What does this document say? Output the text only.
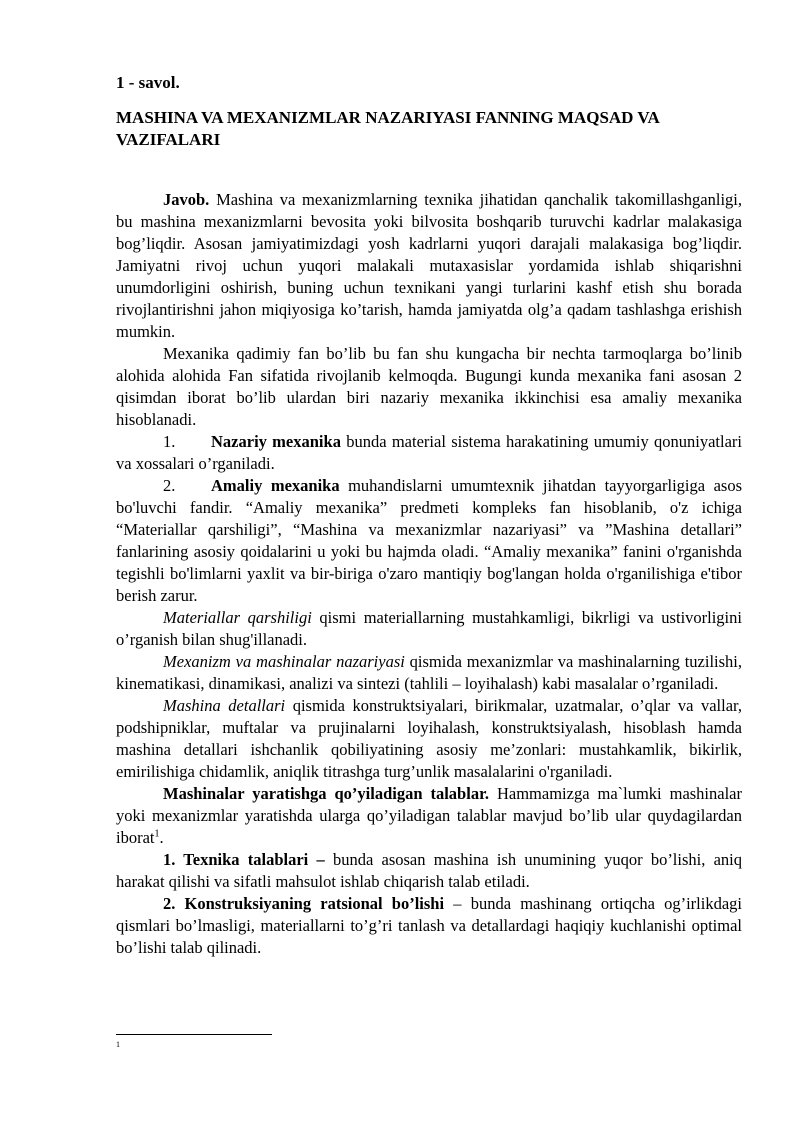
1 - savol.
MASHINA VA MEXANIZMLAR NAZARIYASI FANNING MAQSAD VA VAZIFALARI

Javob. Mashina va mexanizmlarning texnika jihatidan qanchalik takomillashganligi, bu mashina mexanizmlarni bevosita yoki bilvosita boshqarib turuvchi kadrlar malakasiga bog’liqdir. Asosan jamiyatimizdagi yosh kadrlarni yuqori darajali malakasiga bog’liqdir. Jamiyatni rivoj uchun yuqori malakali mutaxasislar yordamida ishlab shiqarishni unumdorligini oshirish, buning uchun texnikani yangi turlarini kashf etish shu borada rivojlantirishni jahon miqiyosiga ko’tarish, hamda jamiyatda olg’a qadam tashlashga erishish mumkin.

Mexanika qadimiy fan bo’lib bu fan shu kungacha bir nechta tarmoqlarga bo’linib alohida alohida Fan sifatida rivojlanib kelmoqda. Bugungi kunda mexanika fani asosan 2 qisimdan iborat bo’lib ulardan biri nazariy mexanika ikkinchisi esa amaliy mexanika hisoblanadi.

1. Nazariy mexanika bunda material sistema harakatining umumiy qonuniyatlari va xossalari o’rganiladi.

2. Amaliy mexanika muhandislarni umumtexnik jihatdan tayyorgarligiga asos bo'luvchi fandir. “Amaliy mexanika” predmeti kompleks fan hisoblanib, o'z ichiga “Materiallar qarshiligi”, “Mashina va mexanizmlar nazariyasi” va ”Mashina detallari” fanlarining asosiy qoidalarini u yoki bu hajmda oladi. “Amaliy mexanika” fanini o'rganishda tegishli bo'limlarni yaxlit va bir-biriga o'zaro mantiqiy bog'langan holda o'rganilishiga e'tibor berish zarur.

Materiallar qarshiligi qismi materiallarning mustahkamligi, bikrligi va ustivorligini o’rganish bilan shug'illanadi.

Mexanizm va mashinalar nazariyasi qismida mexanizmlar va mashinalarning tuzilishi, kinematikasi, dinamikasi, analizi va sintezi (tahlili – loyihalash) kabi masalalar o’rganiladi.

Mashina detallari qismida konstruktsiyalari, birikmalar, uzatmalar, o’qlar va vallar, podshipniklar, muftalar va prujinalarni loyihalash, konstruktsiyalash, hisoblash hamda mashina detallari ishchanlik qobiliyatining asosiy me’zonlari: mustahkamlik, bikirlik, emirilishiga chidamlik, aniqlik titrashga turg’unlik masalalarini o'rganiladi.

Mashinalar yaratishga qo’yiladigan talablar. Hammamizga ma`lumki mashinalar yoki mexanizmlar yaratishda ularga qo’yiladigan talablar mavjud bo’lib ular quydagilardan iborat$^1$.

1. Texnika talablari – bunda asosan mashina ish unumining yuqor bo’lishi, aniq harakat qilishi va sifatli mahsulot ishlab chiqarish talab etiladi.

2. Konstruksiyaning ratsional bo’lishi – bunda mashinang ortiqcha og’irlikdagi qismlari bo’lmasligi, materiallarni to’g’ri tanlash va detallardagi haqiqiy kuchlanishi optimal bo’lishi talab qilinadi.

1
